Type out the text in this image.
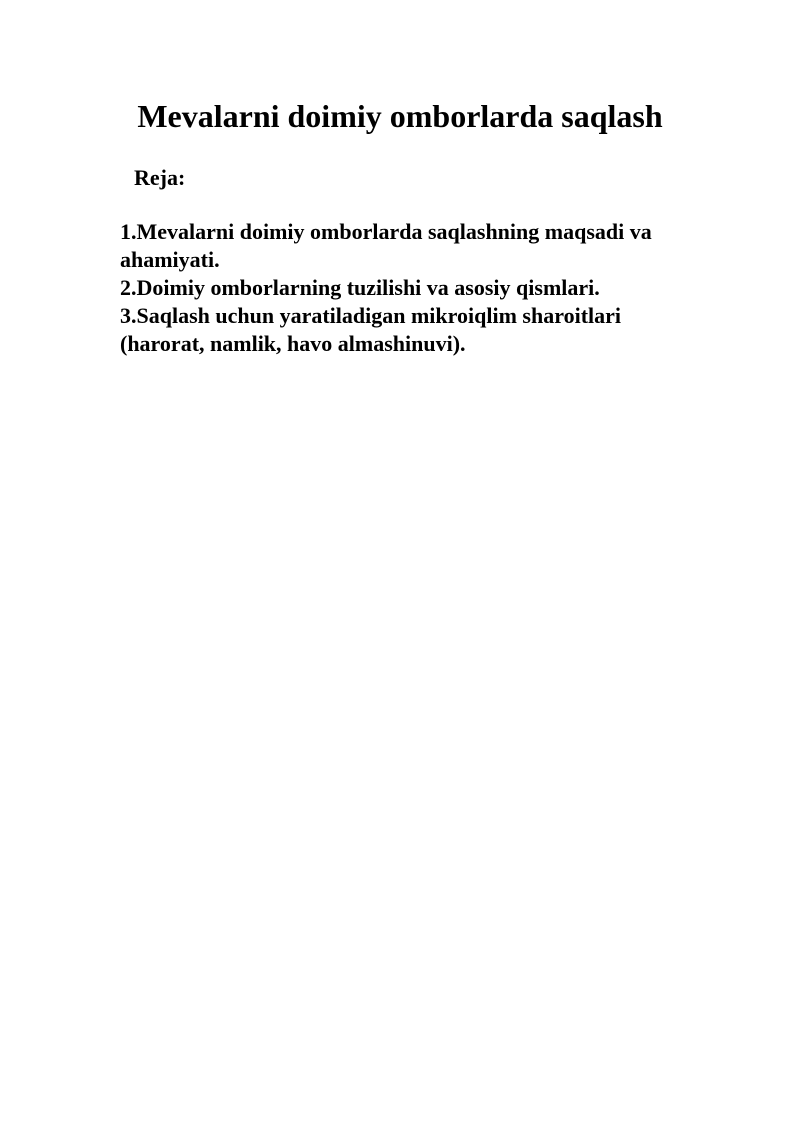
Mevalarni doimiy omborlarda saqlash

Reja:

1.Mevalarni doimiy omborlarda saqlashning maqsadi va ahamiyati.
2.Doimiy omborlarning tuzilishi va asosiy qismlari.
3.Saqlash uchun yaratiladigan mikroiqlim sharoitlari (harorat, namlik, havo almashinuvi).
